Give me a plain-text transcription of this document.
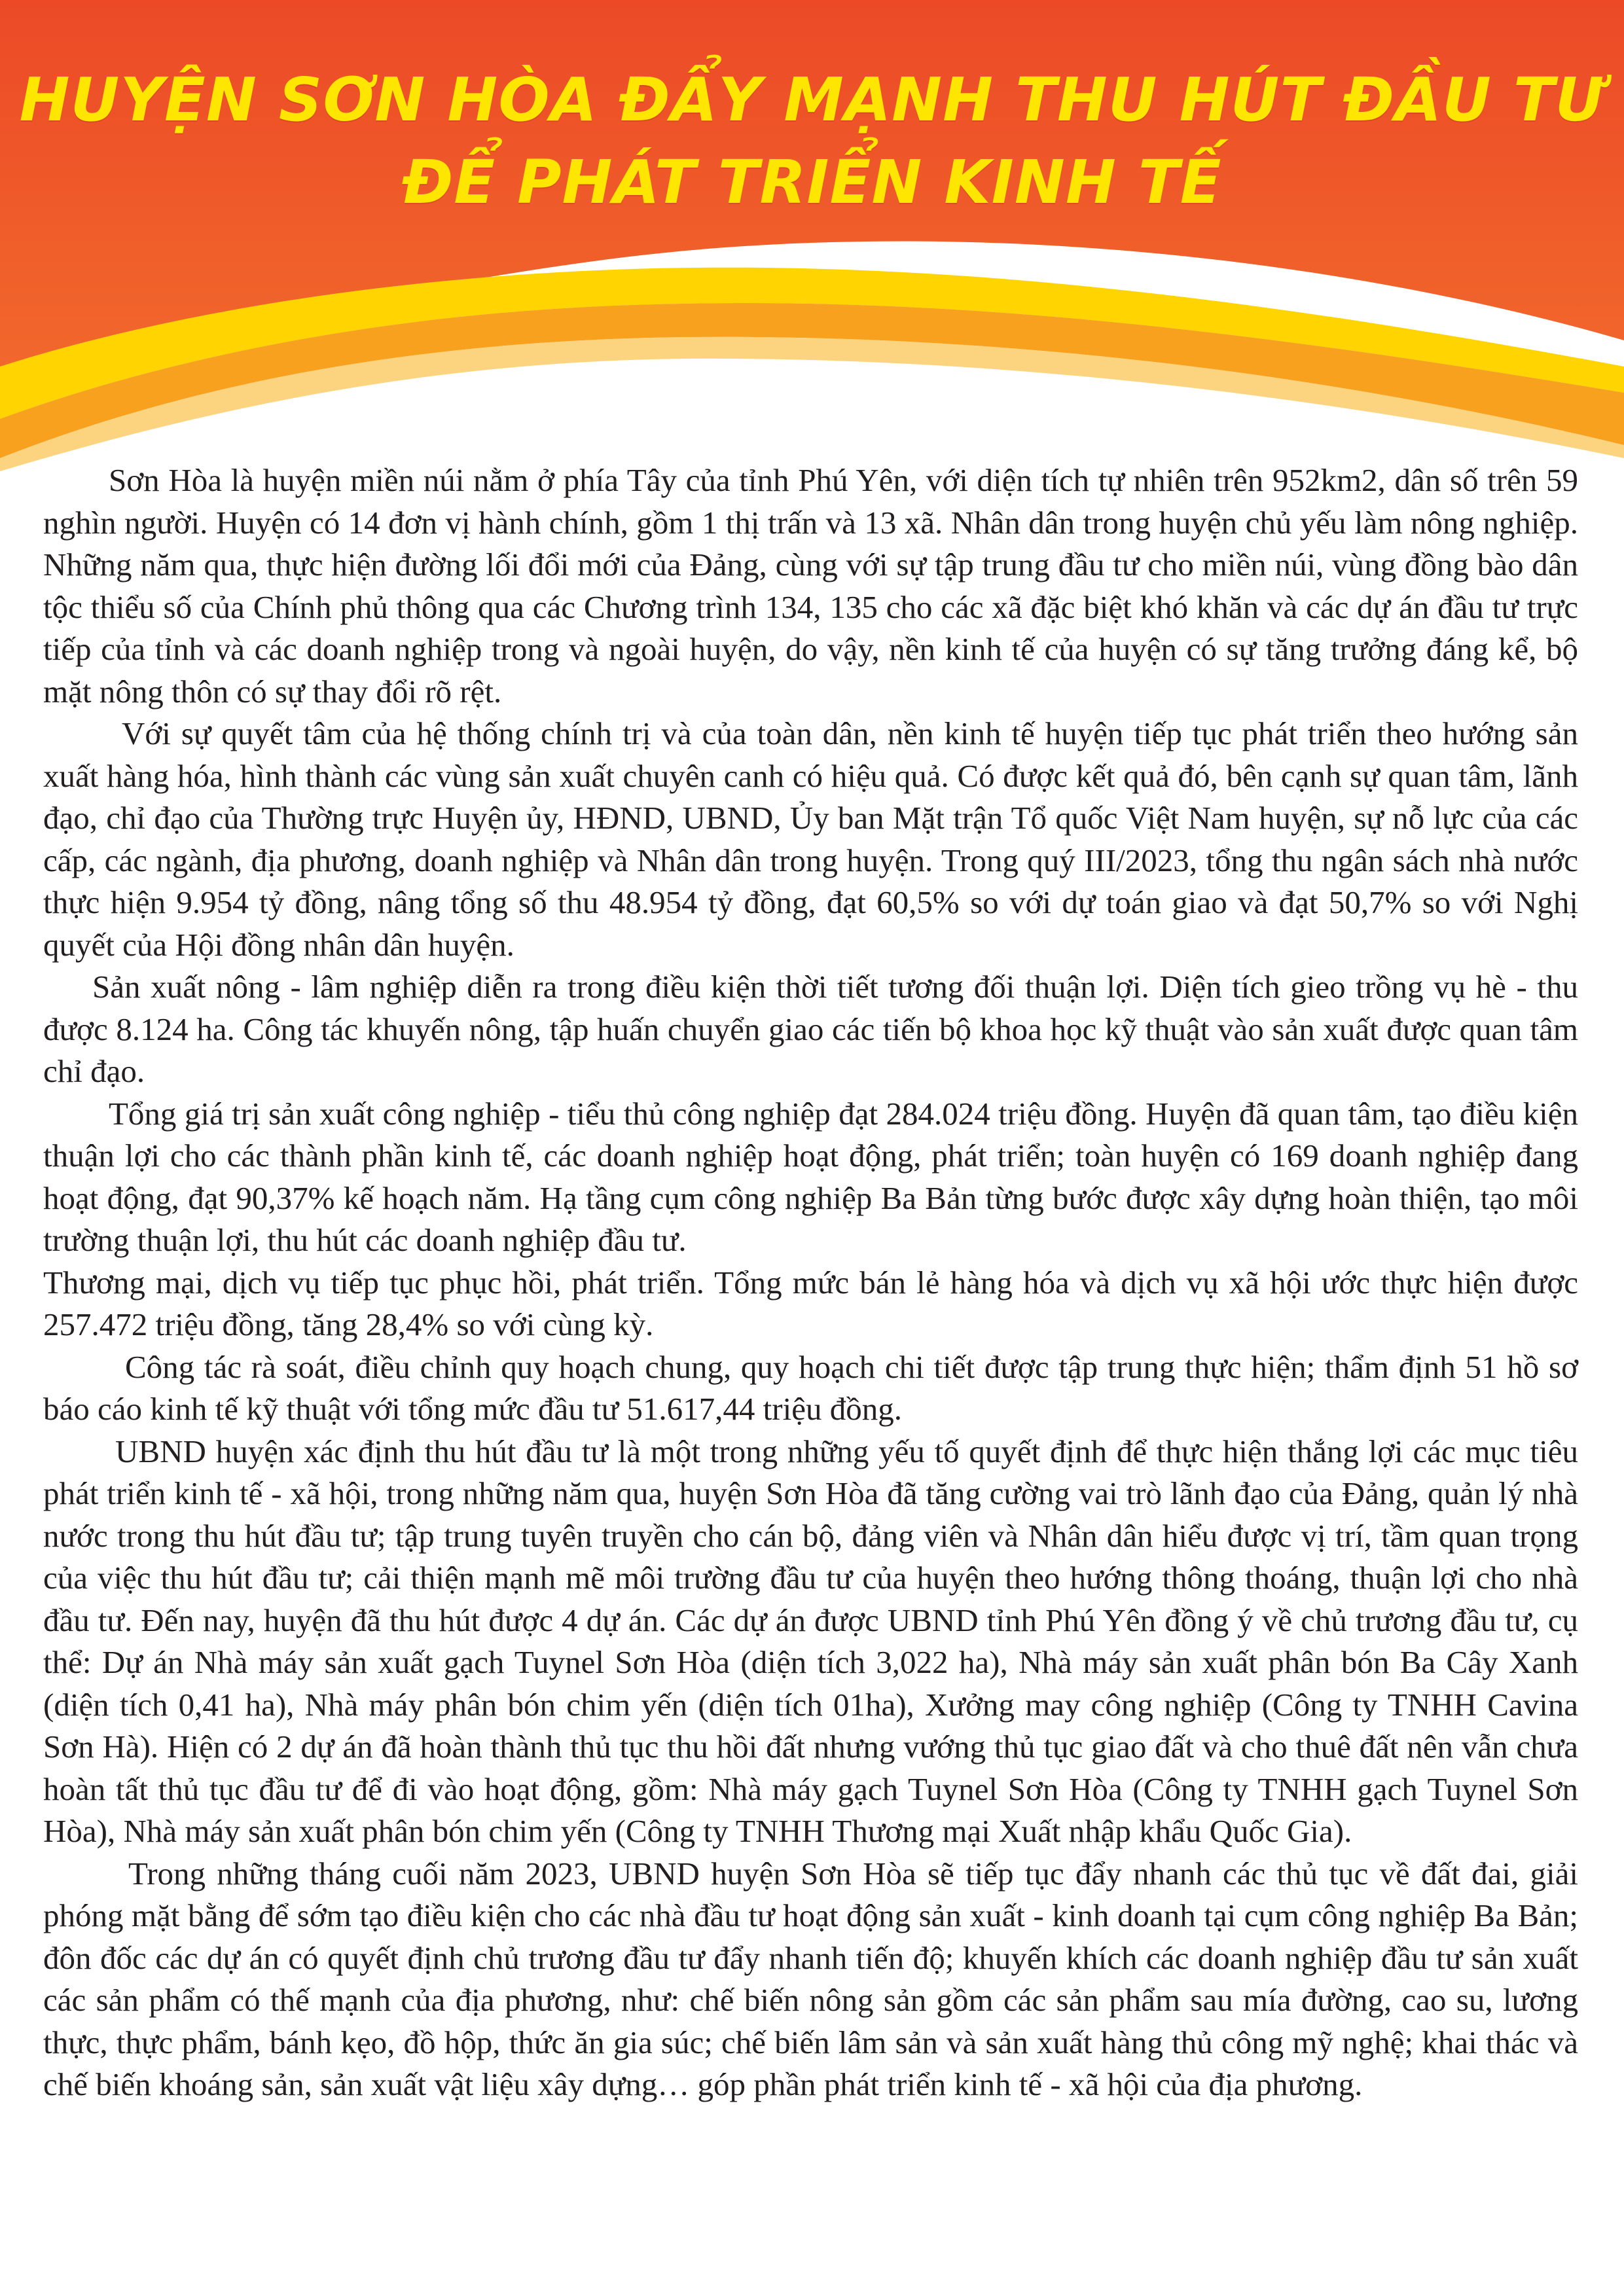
HUYỆN SƠN HÒA ĐẨY MẠNH THU HÚT ĐẦU TƯ
ĐỂ PHÁT TRIỂN KINH TẾ

Sơn Hòa là huyện miền núi nằm ở phía Tây của tỉnh Phú Yên, với diện tích tự nhiên trên 952km2, dân số trên 59 nghìn người. Huyện có 14 đơn vị hành chính, gồm 1 thị trấn và 13 xã. Nhân dân trong huyện chủ yếu làm nông nghiệp. Những năm qua, thực hiện đường lối đổi mới của Đảng, cùng với sự tập trung đầu tư cho miền núi, vùng đồng bào dân tộc thiểu số của Chính phủ thông qua các Chương trình 134, 135 cho các xã đặc biệt khó khăn và các dự án đầu tư trực tiếp của tỉnh và các doanh nghiệp trong và ngoài huyện, do vậy, nền kinh tế của huyện có sự tăng trưởng đáng kể, bộ mặt nông thôn có sự thay đổi rõ rệt.

Với sự quyết tâm của hệ thống chính trị và của toàn dân, nền kinh tế huyện tiếp tục phát triển theo hướng sản xuất hàng hóa, hình thành các vùng sản xuất chuyên canh có hiệu quả. Có được kết quả đó, bên cạnh sự quan tâm, lãnh đạo, chỉ đạo của Thường trực Huyện ủy, HĐND, UBND, Ủy ban Mặt trận Tổ quốc Việt Nam huyện, sự nỗ lực của các cấp, các ngành, địa phương, doanh nghiệp và Nhân dân trong huyện. Trong quý III/2023, tổng thu ngân sách nhà nước thực hiện 9.954 tỷ đồng, nâng tổng số thu 48.954 tỷ đồng, đạt 60,5% so với dự toán giao và đạt 50,7% so với Nghị quyết của Hội đồng nhân dân huyện.

Sản xuất nông - lâm nghiệp diễn ra trong điều kiện thời tiết tương đối thuận lợi. Diện tích gieo trồng vụ hè - thu được 8.124 ha. Công tác khuyến nông, tập huấn chuyển giao các tiến bộ khoa học kỹ thuật vào sản xuất được quan tâm chỉ đạo.

Tổng giá trị sản xuất công nghiệp - tiểu thủ công nghiệp đạt 284.024 triệu đồng. Huyện đã quan tâm, tạo điều kiện thuận lợi cho các thành phần kinh tế, các doanh nghiệp hoạt động, phát triển; toàn huyện có 169 doanh nghiệp đang hoạt động, đạt 90,37% kế hoạch năm. Hạ tầng cụm công nghiệp Ba Bản từng bước được xây dựng hoàn thiện, tạo môi trường thuận lợi, thu hút các doanh nghiệp đầu tư.

Thương mại, dịch vụ tiếp tục phục hồi, phát triển. Tổng mức bán lẻ hàng hóa và dịch vụ xã hội ước thực hiện được 257.472 triệu đồng, tăng 28,4% so với cùng kỳ.

Công tác rà soát, điều chỉnh quy hoạch chung, quy hoạch chi tiết được tập trung thực hiện; thẩm định 51 hồ sơ báo cáo kinh tế kỹ thuật với tổng mức đầu tư 51.617,44 triệu đồng.

UBND huyện xác định thu hút đầu tư là một trong những yếu tố quyết định để thực hiện thắng lợi các mục tiêu phát triển kinh tế - xã hội, trong những năm qua, huyện Sơn Hòa đã tăng cường vai trò lãnh đạo của Đảng, quản lý nhà nước trong thu hút đầu tư; tập trung tuyên truyền cho cán bộ, đảng viên và Nhân dân hiểu được vị trí, tầm quan trọng của việc thu hút đầu tư; cải thiện mạnh mẽ môi trường đầu tư của huyện theo hướng thông thoáng, thuận lợi cho nhà đầu tư. Đến nay, huyện đã thu hút được 4 dự án. Các dự án được UBND tỉnh Phú Yên đồng ý về chủ trương đầu tư, cụ thể: Dự án Nhà máy sản xuất gạch Tuynel Sơn Hòa (diện tích 3,022 ha), Nhà máy sản xuất phân bón Ba Cây Xanh (diện tích 0,41 ha), Nhà máy phân bón chim yến (diện tích 01ha), Xưởng may công nghiệp (Công ty TNHH Cavina Sơn Hà). Hiện có 2 dự án đã hoàn thành thủ tục thu hồi đất nhưng vướng thủ tục giao đất và cho thuê đất nên vẫn chưa hoàn tất thủ tục đầu tư để đi vào hoạt động, gồm: Nhà máy gạch Tuynel Sơn Hòa (Công ty TNHH gạch Tuynel Sơn Hòa), Nhà máy sản xuất phân bón chim yến (Công ty TNHH Thương mại Xuất nhập khẩu Quốc Gia).

Trong những tháng cuối năm 2023, UBND huyện Sơn Hòa sẽ tiếp tục đẩy nhanh các thủ tục về đất đai, giải phóng mặt bằng để sớm tạo điều kiện cho các nhà đầu tư hoạt động sản xuất - kinh doanh tại cụm công nghiệp Ba Bản; đôn đốc các dự án có quyết định chủ trương đầu tư đẩy nhanh tiến độ; khuyến khích các doanh nghiệp đầu tư sản xuất các sản phẩm có thế mạnh của địa phương, như: chế biến nông sản gồm các sản phẩm sau mía đường, cao su, lương thực, thực phẩm, bánh kẹo, đồ hộp, thức ăn gia súc; chế biến lâm sản và sản xuất hàng thủ công mỹ nghệ; khai thác và chế biến khoáng sản, sản xuất vật liệu xây dựng… góp phần phát triển kinh tế - xã hội của địa phương.
